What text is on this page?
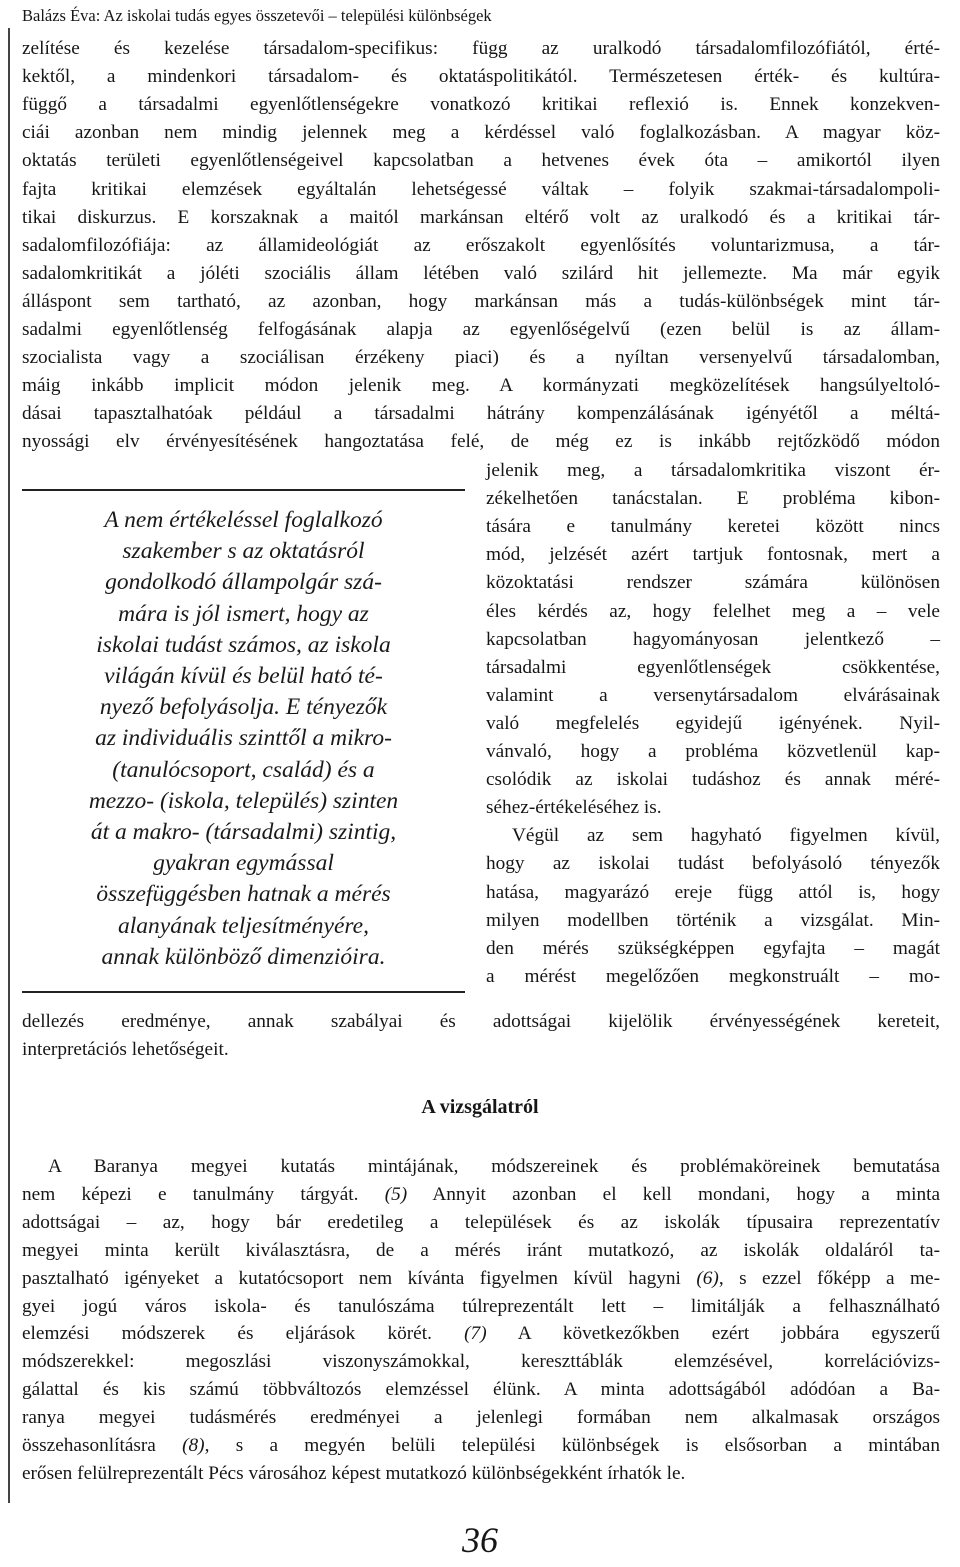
Balázs Éva: Az iskolai tudás egyes összetevői – települési különbségek
zelítése és kezelése társadalom-specifikus: függ az uralkodó társadalomfilozófiától, érté-
kektől, a mindenkori társadalom- és oktatáspolitikától. Természetesen érték- és kultúra-
függő a társadalmi egyenlőtlenségekre vonatkozó kritikai reflexió is. Ennek konzekven-
ciái azonban nem mindig jelennek meg a kérdéssel való foglalkozásban. A magyar köz-
oktatás területi egyenlőtlenségeivel kapcsolatban a hetvenes évek óta – amikortól ilyen
fajta kritikai elemzések egyáltalán lehetségessé váltak – folyik szakmai-társadalompoli-
tikai diskurzus. E korszaknak a maitól markánsan eltérő volt az uralkodó és a kritikai tár-
sadalomfilozófiája: az államideológiát az erőszakolt egyenlősítés voluntarizmusa, a tár-
sadalomkritikát a jóléti szociális állam létében való szilárd hit jellemezte. Ma már egyik
álláspont sem tartható, az azonban, hogy markánsan más a tudás-különbségek mint tár-
sadalmi egyenlőtlenség felfogásának alapja az egyenlőségelvű (ezen belül is az állam-
szocialista vagy a szociálisan érzékeny piaci) és a nyíltan versenyelvű társadalomban,
máig inkább implicit módon jelenik meg. A kormányzati megközelítések hangsúlyeltoló-
dásai tapasztalhatóak például a társadalmi hátrány kompenzálásának igényétől a méltá-
nyossági elv érvényesítésének hangoztatása felé, de még ez is inkább rejtőzködő módon
jelenik meg, a társadalomkritika viszont ér-
zékelhetően tanácstalan. E probléma kibon-
tására e tanulmány keretei között nincs
mód, jelzését azért tartjuk fontosnak, mert a
közoktatási rendszer számára különösen
éles kérdés az, hogy felelhet meg a – vele
kapcsolatban hagyományosan jelentkező –
társadalmi egyenlőtlenségek csökkentése,
valamint a versenytársadalom elvárásainak
való megfelelés egyidejű igényének. Nyil-
vánvaló, hogy a probléma közvetlenül kap-
csolódik az iskolai tudáshoz és annak méré-
séhez-értékeléséhez is.
Végül az sem hagyható figyelmen kívül,
hogy az iskolai tudást befolyásoló tényezők
hatása, magyarázó ereje függ attól is, hogy
milyen modellben történik a vizsgálat. Min-
den mérés szükségképpen egyfajta – magát
a mérést megelőzően megkonstruált – mo-
A nem értékeléssel foglalkozó
szakember s az oktatásról
gondolkodó állampolgár szá-
mára is jól ismert, hogy az
iskolai tudást számos, az iskola
világán kívül és belül ható té-
nyező befolyásolja. E tényezők
az individuális szinttől a mikro-
(tanulócsoport, család) és a
mezzo- (iskola, település) szinten
át a makro- (társadalmi) szintig,
gyakran egymással
összefüggésben hatnak a mérés
alanyának teljesítményére,
annak különböző dimenzióira.
dellezés eredménye, annak szabályai és adottságai kijelölik érvényességének kereteit,
interpretációs lehetőségeit.
A vizsgálatról
A Baranya megyei kutatás mintájának, módszereinek és problémaköreinek bemutatása
nem képezi e tanulmány tárgyát. (5) Annyit azonban el kell mondani, hogy a minta
adottságai – az, hogy bár eredetileg a települések és az iskolák típusaira reprezentatív
megyei minta került kiválasztásra, de a mérés iránt mutatkozó, az iskolák oldaláról ta-
pasztalható igényeket a kutatócsoport nem kívánta figyelmen kívül hagyni (6), s ezzel főképp a me-
gyei jogú város iskola- és tanulószáma túlreprezentált lett – limitálják a felhasználható
elemzési módszerek és eljárások körét. (7) A következőkben ezért jobbára egyszerű
módszerekkel: megoszlási viszonyszámokkal, kereszttáblák elemzésével, korrelációvizs-
gálattal és kis számú többváltozós elemzéssel élünk. A minta adottságából adódóan a Ba-
ranya megyei tudásmérés eredményei a jelenlegi formában nem alkalmasak országos
összehasonlításra (8), s a megyén belüli települési különbségek is elsősorban a mintában
erősen felülreprezentált Pécs városához képest mutatkozó különbségekként írhatók le.
36
